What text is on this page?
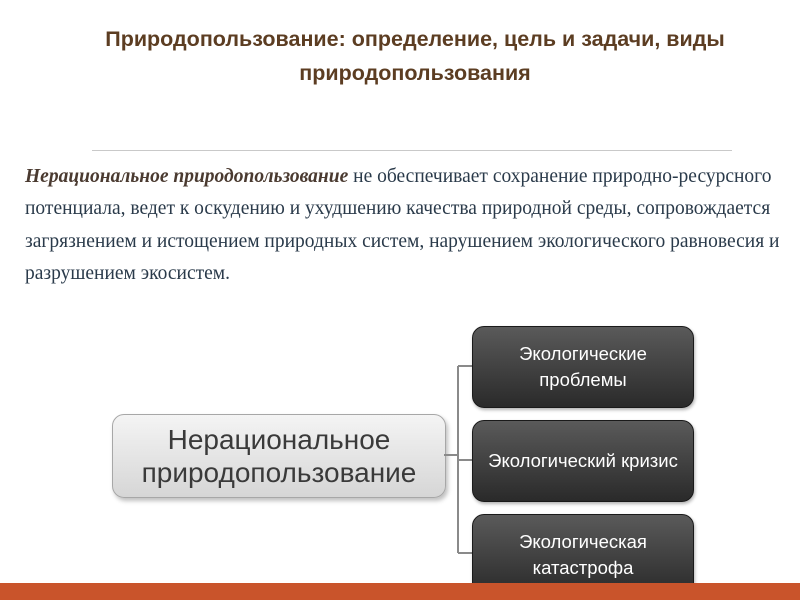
Природопользование: определение, цель и задачи, виды природопользования

Нерациональное природопользование не обеспечивает сохранение природно-ресурсного потенциала, ведет к оскудению и ухудшению качества природной среды, сопровождается загрязнением и истощением природных систем, нарушением экологического равновесия и разрушением экосистем.

Нерациональное природопользование
Экологические проблемы
Экологический кризис
Экологическая катастрофа
